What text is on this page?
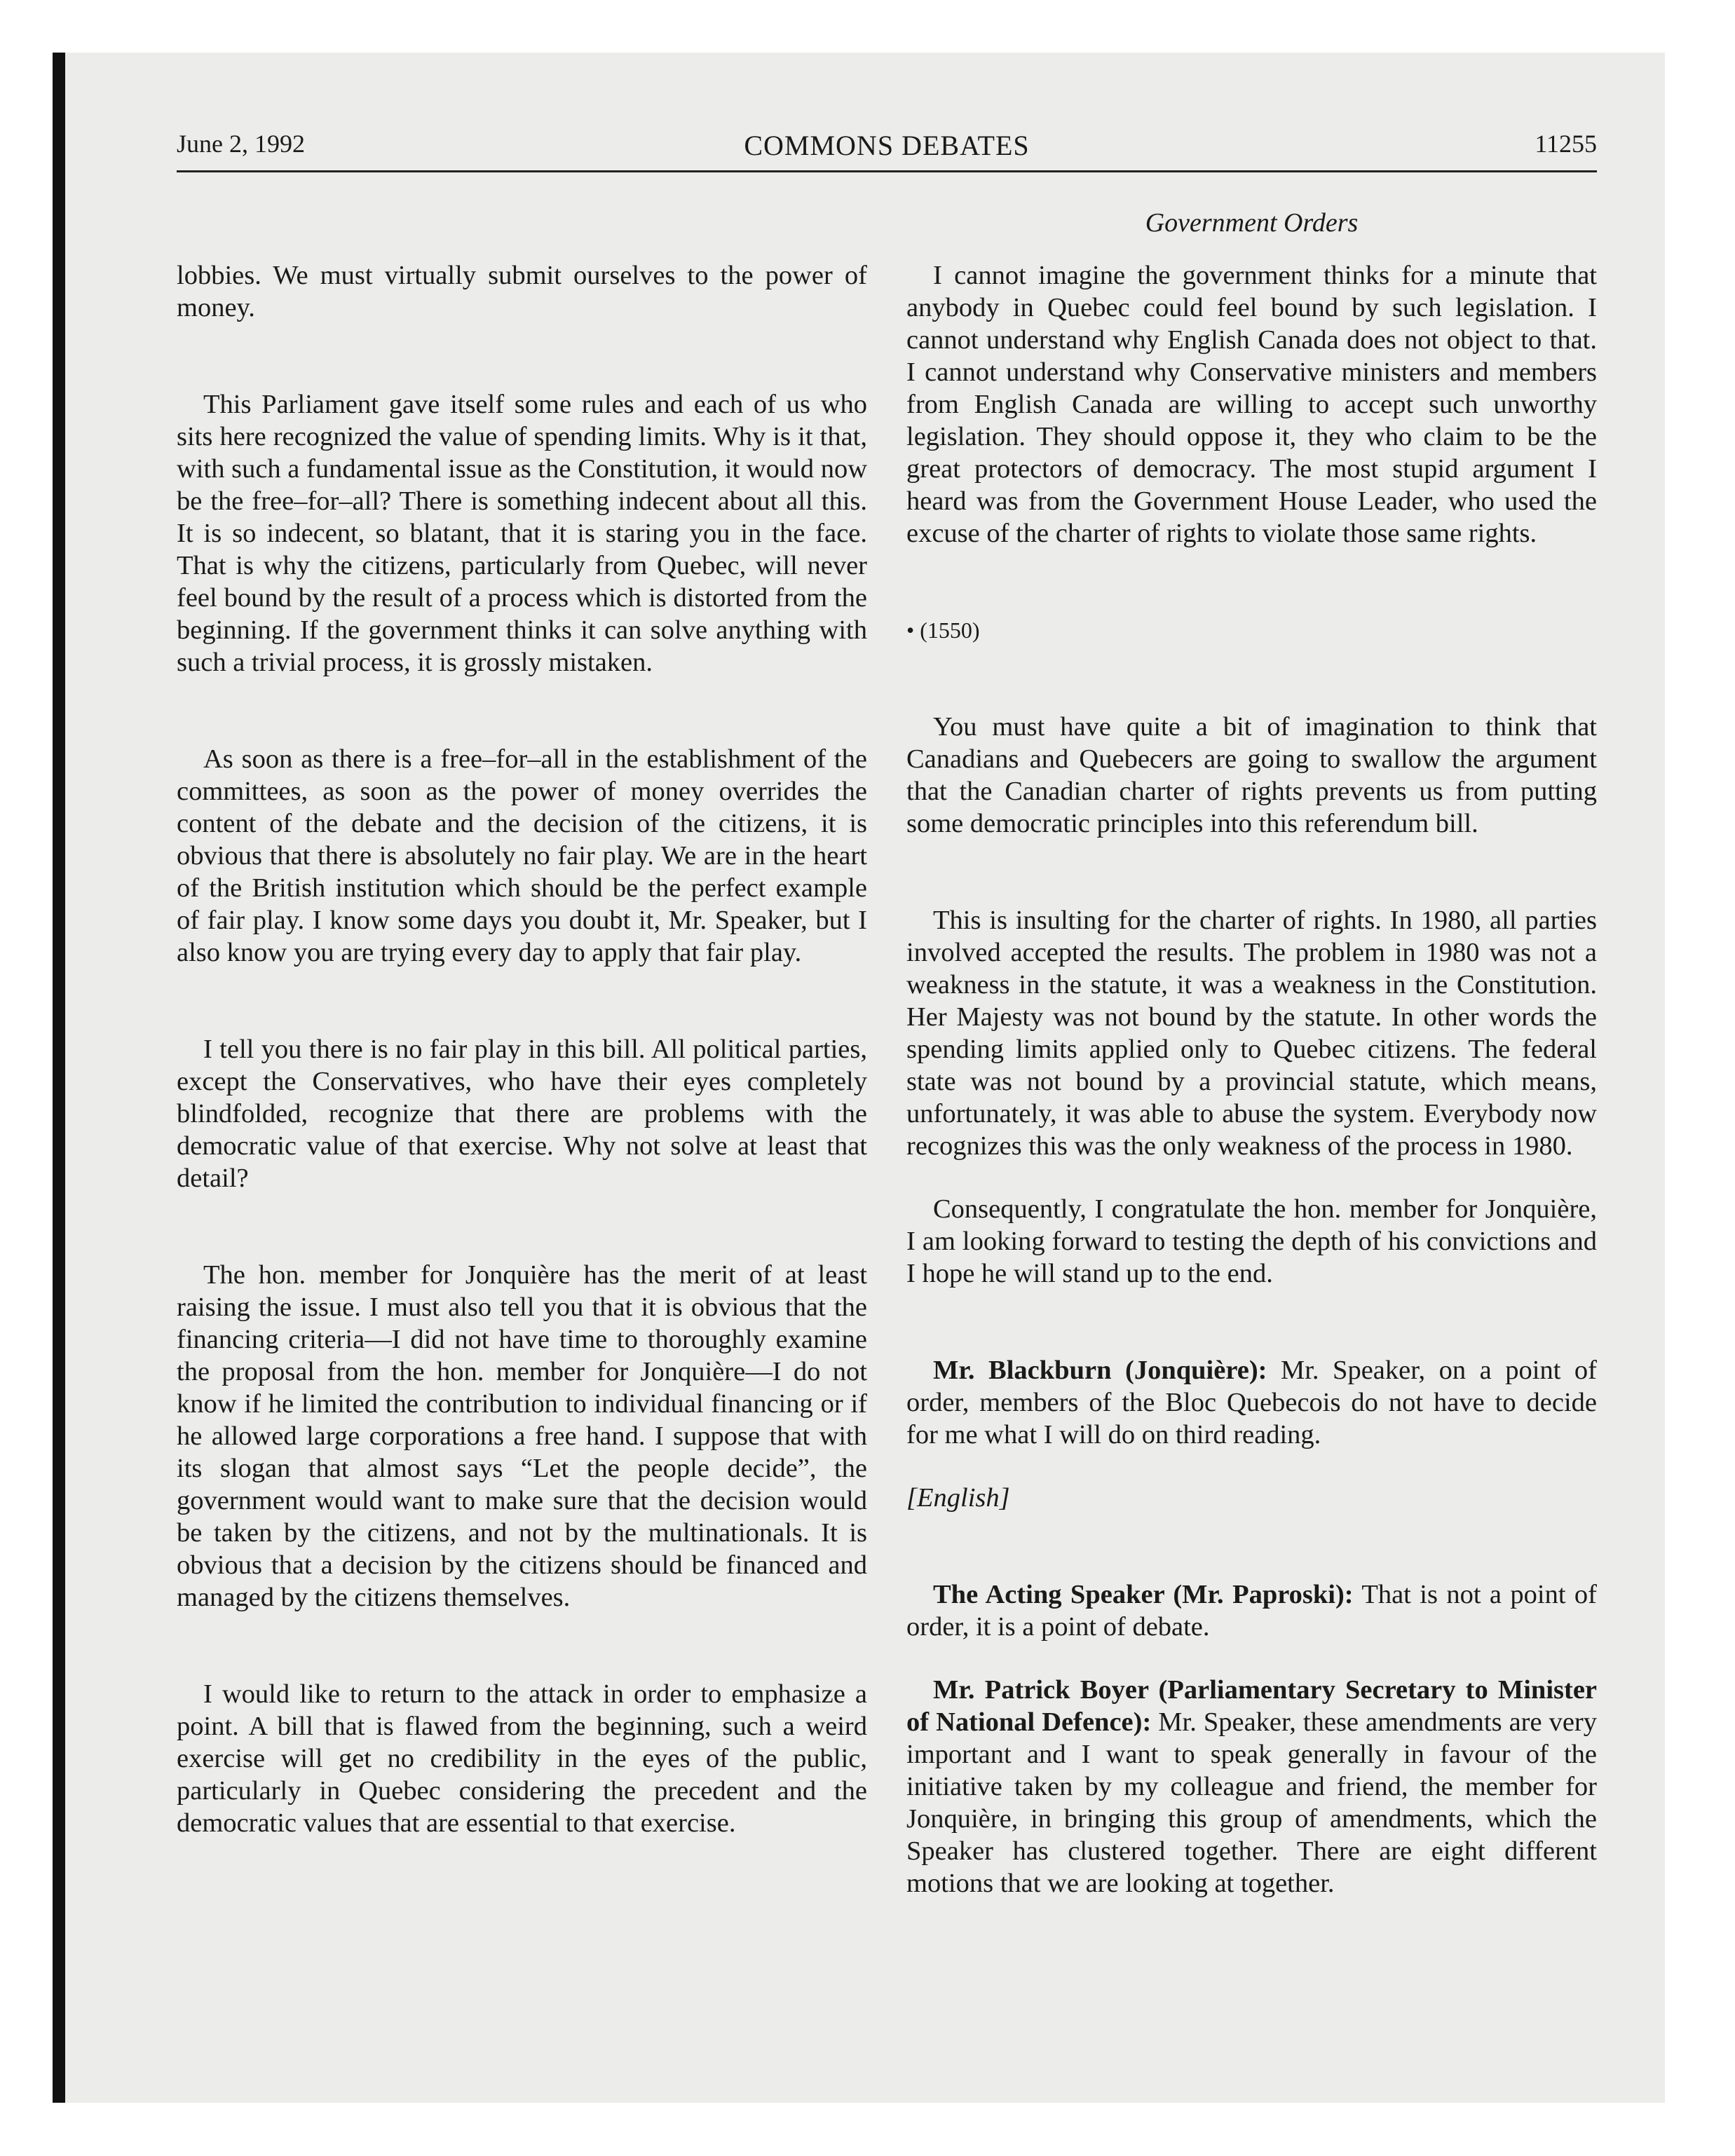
June 2, 1992	COMMONS DEBATES	11255
Government Orders

lobbies. We must virtually submit ourselves to the power of money.

This Parliament gave itself some rules and each of us who sits here recognized the value of spending limits. Why is it that, with such a fundamental issue as the Constitution, it would now be the free–for–all? There is something indecent about all this. It is so indecent, so blatant, that it is staring you in the face. That is why the citizens, particularly from Quebec, will never feel bound by the result of a process which is distorted from the beginning. If the government thinks it can solve anything with such a trivial process, it is grossly mistaken.

As soon as there is a free–for–all in the establishment of the committees, as soon as the power of money overrides the content of the debate and the decision of the citizens, it is obvious that there is absolutely no fair play. We are in the heart of the British institution which should be the perfect example of fair play. I know some days you doubt it, Mr. Speaker, but I also know you are trying every day to apply that fair play.

I tell you there is no fair play in this bill. All political parties, except the Conservatives, who have their eyes completely blindfolded, recognize that there are problems with the democratic value of that exercise. Why not solve at least that detail?

The hon. member for Jonquière has the merit of at least raising the issue. I must also tell you that it is obvious that the financing criteria—I did not have time to thoroughly examine the proposal from the hon. member for Jonquière—I do not know if he limited the contribution to individual financing or if he allowed large corporations a free hand. I suppose that with its slogan that almost says “Let the people decide”, the government would want to make sure that the decision would be taken by the citizens, and not by the multinationals. It is obvious that a decision by the citizens should be financed and managed by the citizens themselves.

I would like to return to the attack in order to emphasize a point. A bill that is flawed from the beginning, such a weird exercise will get no credibility in the eyes of the public, particularly in Quebec considering the precedent and the democratic values that are essential to that exercise.

I cannot imagine the government thinks for a minute that anybody in Quebec could feel bound by such legislation. I cannot understand why English Canada does not object to that. I cannot understand why Conservative ministers and members from English Canada are willing to accept such unworthy legislation. They should oppose it, they who claim to be the great protectors of democracy. The most stupid argument I heard was from the Government House Leader, who used the excuse of the charter of rights to violate those same rights.

• (1550)

You must have quite a bit of imagination to think that Canadians and Quebecers are going to swallow the argument that the Canadian charter of rights prevents us from putting some democratic principles into this referendum bill.

This is insulting for the charter of rights. In 1980, all parties involved accepted the results. The problem in 1980 was not a weakness in the statute, it was a weakness in the Constitution. Her Majesty was not bound by the statute. In other words the spending limits applied only to Quebec citizens. The federal state was not bound by a provincial statute, which means, unfortunately, it was able to abuse the system. Everybody now recognizes this was the only weakness of the process in 1980.

Consequently, I congratulate the hon. member for Jonquière, I am looking forward to testing the depth of his convictions and I hope he will stand up to the end.

Mr. Blackburn (Jonquière): Mr. Speaker, on a point of order, members of the Bloc Quebecois do not have to decide for me what I will do on third reading.

[English]

The Acting Speaker (Mr. Paproski): That is not a point of order, it is a point of debate.

Mr. Patrick Boyer (Parliamentary Secretary to Minister of National Defence): Mr. Speaker, these amendments are very important and I want to speak generally in favour of the initiative taken by my colleague and friend, the member for Jonquière, in bringing this group of amendments, which the Speaker has clustered together. There are eight different motions that we are looking at together.
